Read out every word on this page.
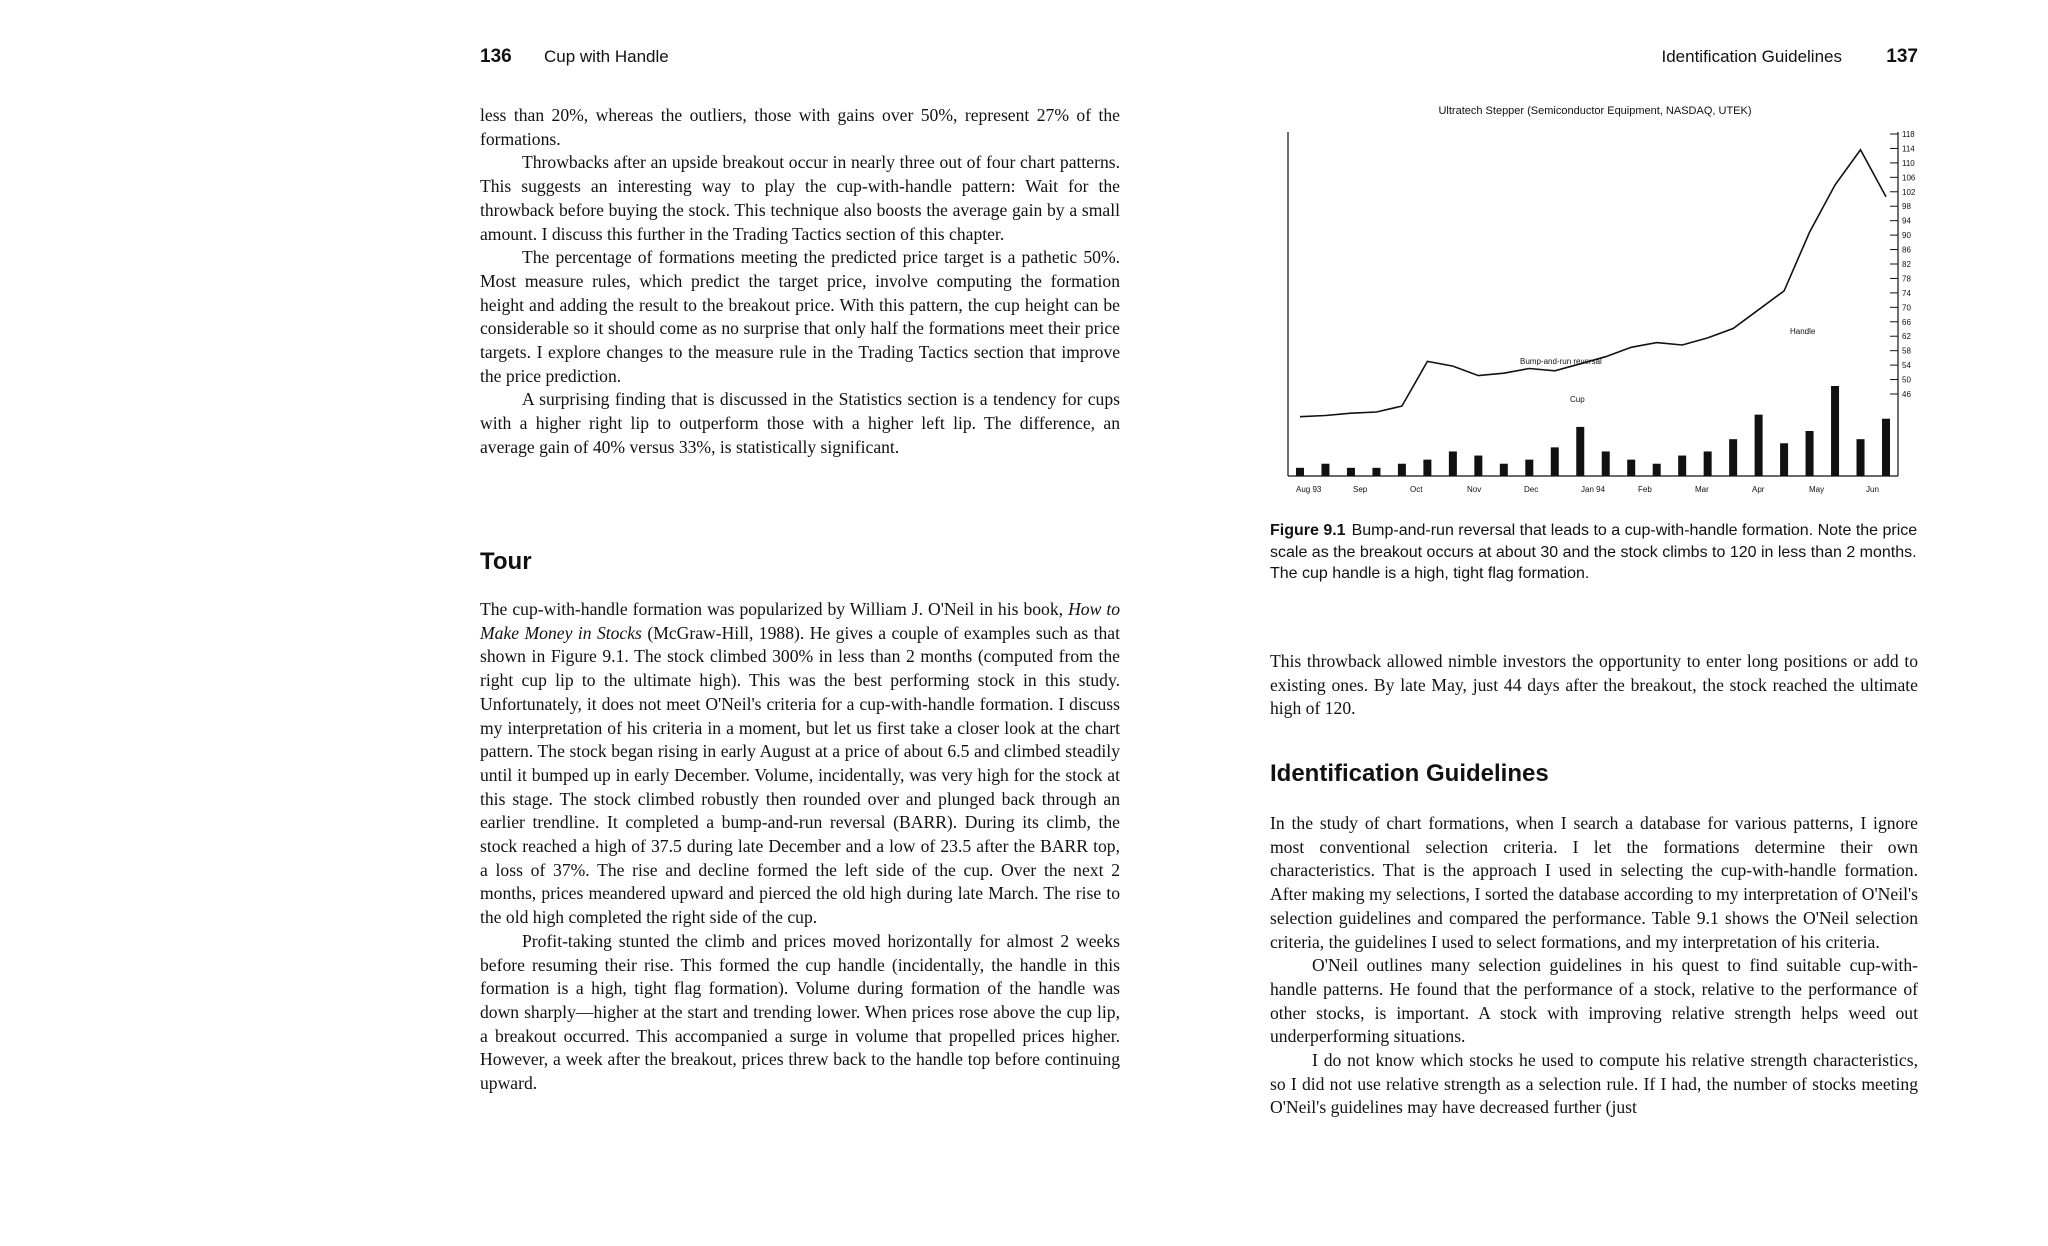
136 Cup with Handle

less than 20%, whereas the outliers, those with gains over 50%, represent 27% of the formations.

Throwbacks after an upside breakout occur in nearly three out of four chart patterns. This suggests an interesting way to play the cup-with-handle pattern: Wait for the throwback before buying the stock. This technique also boosts the average gain by a small amount. I discuss this further in the Trading Tactics section of this chapter.

The percentage of formations meeting the predicted price target is a pathetic 50%. Most measure rules, which predict the target price, involve computing the formation height and adding the result to the breakout price. With this pattern, the cup height can be considerable so it should come as no surprise that only half the formations meet their price targets. I explore changes to the measure rule in the Trading Tactics section that improve the price prediction.

A surprising finding that is discussed in the Statistics section is a tendency for cups with a higher right lip to outperform those with a higher left lip. The difference, an average gain of 40% versus 33%, is statistically significant.

Tour

The cup-with-handle formation was popularized by William J. O'Neil in his book, How to Make Money in Stocks (McGraw-Hill, 1988). He gives a couple of examples such as that shown in Figure 9.1. The stock climbed 300% in less than 2 months (computed from the right cup lip to the ultimate high). This was the best performing stock in this study. Unfortunately, it does not meet O'Neil's criteria for a cup-with-handle formation. I discuss my interpretation of his criteria in a moment, but let us first take a closer look at the chart pattern. The stock began rising in early August at a price of about 6.5 and climbed steadily until it bumped up in early December. Volume, incidentally, was very high for the stock at this stage. The stock climbed robustly then rounded over and plunged back through an earlier trendline. It completed a bump-and-run reversal (BARR). During its climb, the stock reached a high of 37.5 during late December and a low of 23.5 after the BARR top, a loss of 37%. The rise and decline formed the left side of the cup. Over the next 2 months, prices meandered upward and pierced the old high during late March. The rise to the old high completed the right side of the cup.

Profit-taking stunted the climb and prices moved horizontally for almost 2 weeks before resuming their rise. This formed the cup handle (incidentally, the handle in this formation is a high, tight flag formation). Volume during formation of the handle was down sharply—higher at the start and trending lower. When prices rose above the cup lip, a breakout occurred. This accompanied a surge in volume that propelled prices higher. However, a week after the breakout, prices threw back to the handle top before continuing upward.

Identification Guidelines 137
Ultratech Stepper (Semiconductor Equipment, NASDAQ, UTEK)
118
114
110
106
102
98
94
90
86
82
78
74
70
66
62
58
54
50
46
Aug 93	Sep	Oct	Nov	Dec	Jan 94	Feb	Mar	Apr	May	Jun
Bump-and-run reversal
Cup
Handle
Figure 9.1 Bump-and-run reversal that leads to a cup-with-handle formation. Note the price scale as the breakout occurs at about 30 and the stock climbs to 120 in less than 2 months. The cup handle is a high, tight flag formation.

This throwback allowed nimble investors the opportunity to enter long positions or add to existing ones. By late May, just 44 days after the breakout, the stock reached the ultimate high of 120.

Identification Guidelines

In the study of chart formations, when I search a database for various patterns, I ignore most conventional selection criteria. I let the formations determine their own characteristics. That is the approach I used in selecting the cup-with-handle formation. After making my selections, I sorted the database according to my interpretation of O'Neil's selection guidelines and compared the performance. Table 9.1 shows the O'Neil selection criteria, the guidelines I used to select formations, and my interpretation of his criteria.

O'Neil outlines many selection guidelines in his quest to find suitable cup-with-handle patterns. He found that the performance of a stock, relative to the performance of other stocks, is important. A stock with improving relative strength helps weed out underperforming situations.

I do not know which stocks he used to compute his relative strength characteristics, so I did not use relative strength as a selection rule. If I had, the number of stocks meeting O'Neil's guidelines may have decreased further (just
